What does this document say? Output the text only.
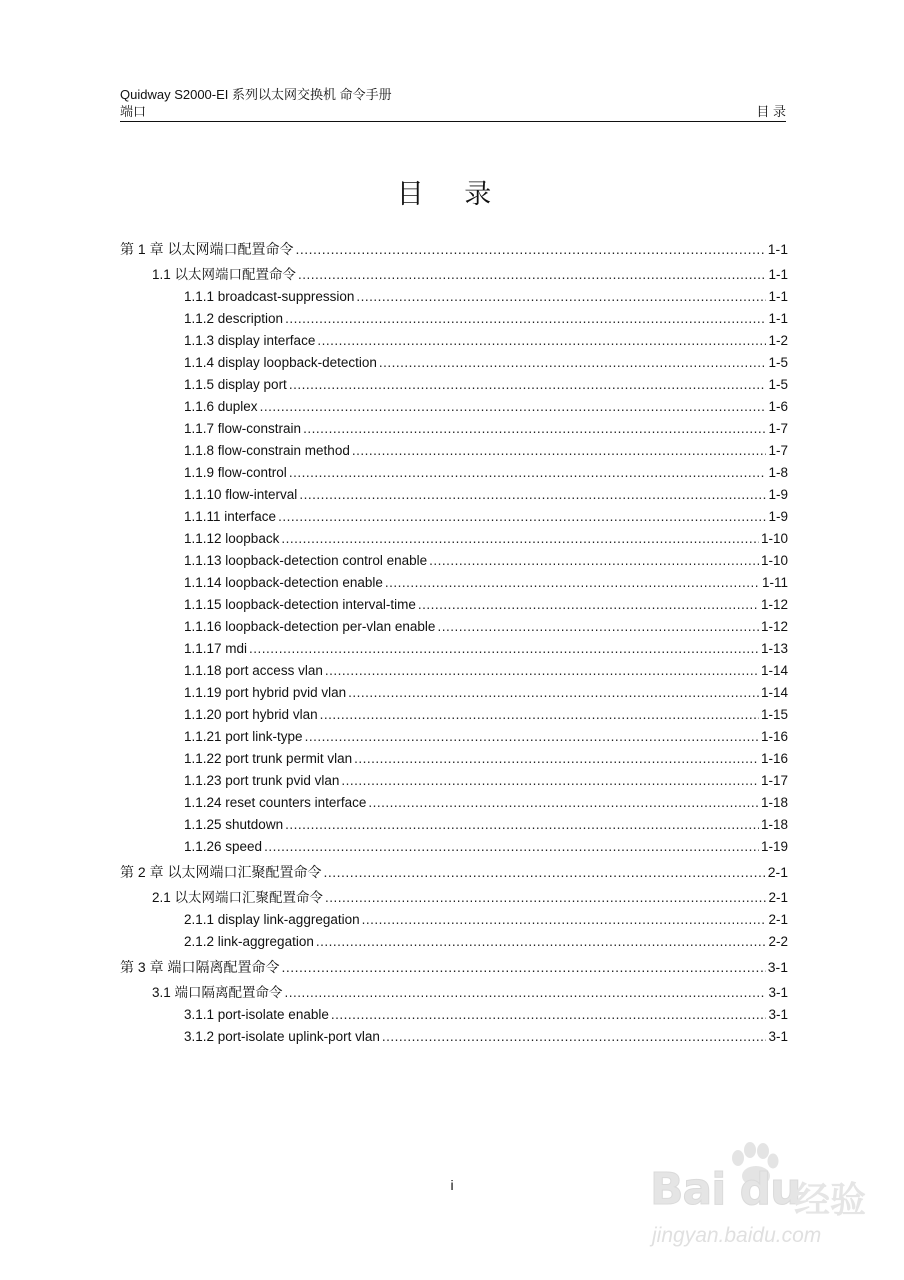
Quidway S2000-EI 系列以太网交换机 命令手册
端口	目 录
目 录
第 1 章 以太网端口配置命令 .....	1-1
1.1 以太网端口配置命令 .....	1-1
1.1.1 broadcast-suppression .....	1-1
1.1.2 description .....	1-1
1.1.3 display interface .....	1-2
1.1.4 display loopback-detection .....	1-5
1.1.5 display port .....	1-5
1.1.6 duplex .....	1-6
1.1.7 flow-constrain .....	1-7
1.1.8 flow-constrain method .....	1-7
1.1.9 flow-control .....	1-8
1.1.10 flow-interval .....	1-9
1.1.11 interface .....	1-9
1.1.12 loopback .....	1-10
1.1.13 loopback-detection control enable .....	1-10
1.1.14 loopback-detection enable .....	1-11
1.1.15 loopback-detection interval-time .....	1-12
1.1.16 loopback-detection per-vlan enable .....	1-12
1.1.17 mdi .....	1-13
1.1.18 port access vlan .....	1-14
1.1.19 port hybrid pvid vlan .....	1-14
1.1.20 port hybrid vlan .....	1-15
1.1.21 port link-type .....	1-16
1.1.22 port trunk permit vlan .....	1-16
1.1.23 port trunk pvid vlan .....	1-17
1.1.24 reset counters interface .....	1-18
1.1.25 shutdown .....	1-18
1.1.26 speed .....	1-19
第 2 章 以太网端口汇聚配置命令 .....	2-1
2.1 以太网端口汇聚配置命令 .....	2-1
2.1.1 display link-aggregation .....	2-1
2.1.2 link-aggregation .....	2-2
第 3 章 端口隔离配置命令 .....	3-1
3.1 端口隔离配置命令 .....	3-1
3.1.1 port-isolate enable .....	3-1
3.1.2 port-isolate uplink-port vlan .....	3-1
i	Bai du
经验
jingyan.baidu.com
